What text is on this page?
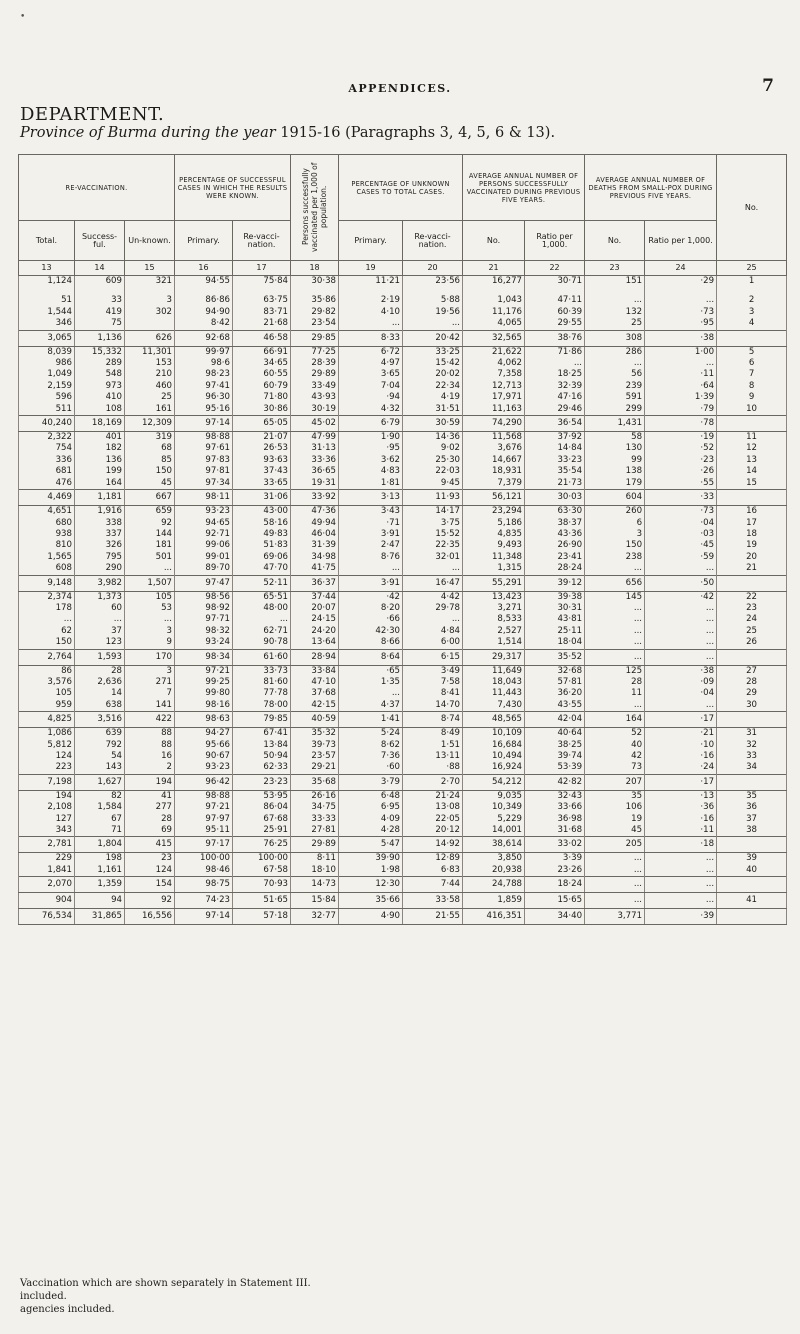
•
APPENDICES.	7
DEPARTMENT.
Province of Burma during the year 1915-16 (Paragraphs 3, 4, 5, 6 & 13).
RE-VACCINATION.			PERCENTAGE OF SUCCESSFUL CASES IN WHICH THE RESULTS WERE KNOWN.		Persons successfully vaccinated per 1,000 of population.	PERCENTAGE OF UNKNOWN CASES TO TOTAL CASES.		AVERAGE ANNUAL NUMBER OF PERSONS SUCCESSFULLY VACCINATED DURING PREVIOUS FIVE YEARS.		AVERAGE ANNUAL NUMBER OF DEATHS FROM SMALL-POX DURING PREVIOUS FIVE YEARS.		No.
Total.	Success-ful.	Un-known.	Primary.	Re-vacci-nation.		Primary.	Re-vacci-nation.	No.	Ratio per 1,000.	No.	Ratio per 1,000.	
13	14	15	16	17	18	19	20	21	22	23	24	25
1,124	609	321	94·55	75·84	30·38	11·21	23·56	16,277	30·71	151	·29	1

51	33	3	86·86	63·75	35·86	2·19	5·88	1,043	47·11	...	...	2
1,544	419	302	94·90	83·71	29·82	4·10	19·56	11,176	60·39	132	·73	3
346	75		8·42	21·68	23·54	...	...	4,065	29·55	25	·95	4
3,065	1,136	626	92·68	46·58	29·85	8·33	20·42	32,565	38·76	308	·38	
8,039	15,332	11,301	99·97	66·91	77·25	6·72	33·25	21,622	71·86	286	1·00	5
986	289	153	98·6	34·65	28·39	4·97	15·42	4,062	...	...	...	6
1,049	548	210	98·23	60·55	29·89	3·65	20·02	7,358	18·25	56	·11	7
2,159	973	460	97·41	60·79	33·49	7·04	22·34	12,713	32·39	239	·64	8
596	410	25	96·30	71·80	43·93	·94	4·19	17,971	47·16	591	1·39	9
511	108	161	95·16	30·86	30·19	4·32	31·51	11,163	29·46	299	·79	10
40,240	18,169	12,309	97·14	65·05	45·02	6·79	30·59	74,290	36·54	1,431	·78	
2,322	401	319	98·88	21·07	47·99	1·90	14·36	11,568	37·92	58	·19	11
754	182	68	97·61	26·53	31·13	·95	9·02	3,676	14·84	130	·52	12
336	136	85	97·83	93·63	33·36	3·62	25·30	14,667	33·23	99	·23	13
681	199	150	97·81	37·43	36·65	4·83	22·03	18,931	35·54	138	·26	14
476	164	45	97·34	33·65	19·31	1·81	9·45	7,379	21·73	179	·55	15
4,469	1,181	667	98·11	31·06	33·92	3·13	11·93	56,121	30·03	604	·33	
4,651	1,916	659	93·23	43·00	47·36	3·43	14·17	23,294	63·30	260	·73	16
680	338	92	94·65	58·16	49·94	·71	3·75	5,186	38·37	6	·04	17
938	337	144	92·71	49·83	46·04	3·91	15·52	4,835	43·36	3	·03	18
810	326	181	99·06	51·83	31·39	2·47	22·35	9,493	26·90	150	·45	19
1,565	795	501	99·01	69·06	34·98	8·76	32·01	11,348	23·41	238	·59	20
608	290	...	89·70	47·70	41·75	...	...	1,315	28·24	...	...	21
9,148	3,982	1,507	97·47	52·11	36·37	3·91	16·47	55,291	39·12	656	·50	
2,374	1,373	105	98·56	65·51	37·44	·42	4·42	13,423	39·38	145	·42	22
178	60	53	98·92	48·00	20·07	8·20	29·78	3,271	30·31	...	...	23
...	...	...	97·71	...	24·15	·66	...	8,533	43·81	...	...	24
62	37	3	98·32	62·71	24·20	42·30	4·84	2,527	25·11	...	...	25
150	123	9	93·24	90·78	13·64	8·66	6·00	1,514	18·04	...	...	26
2,764	1,593	170	98·34	61·60	28·94	8·64	6·15	29,317	35·52	...	...	
86	28	3	97·21	33·73	33·84	·65	3·49	11,649	32·68	125	·38	27
3,576	2,636	271	99·25	81·60	47·10	1·35	7·58	18,043	57·81	28	·09	28
105	14	7	99·80	77·78	37·68	...	8·41	11,443	36·20	11	·04	29
959	638	141	98·16	78·00	42·15	4·37	14·70	7,430	43·55	...	...	30
4,825	3,516	422	98·63	79·85	40·59	1·41	8·74	48,565	42·04	164	·17	
1,086	639	88	94·27	67·41	35·32	5·24	8·49	10,109	40·64	52	·21	31
5,812	792	88	95·66	13·84	39·73	8·62	1·51	16,684	38·25	40	·10	32
124	54	16	90·67	50·94	23·57	7·36	13·11	10,494	39·74	42	·16	33
223	143	2	93·23	62·33	29·21	·60	·88	16,924	53·39	73	·24	34
7,198	1,627	194	96·42	23·23	35·68	3·79	2·70	54,212	42·82	207	·17	
194	82	41	98·88	53·95	26·16	6·48	21·24	9,035	32·43	35	·13	35
2,108	1,584	277	97·21	86·04	34·75	6·95	13·08	10,349	33·66	106	·36	36
127	67	28	97·97	67·68	33·33	4·09	22·05	5,229	36·98	19	·16	37
343	71	69	95·11	25·91	27·81	4·28	20·12	14,001	31·68	45	·11	38
2,781	1,804	415	97·17	76·25	29·89	5·47	14·92	38,614	33·02	205	·18	
229	198	23	100·00	100·00	8·11	39·90	12·89	3,850	3·39	...	...	39
1,841	1,161	124	98·46	67·58	18·10	1·98	6·83	20,938	23·26	...	...	40
2,070	1,359	154	98·75	70·93	14·73	12·30	7·44	24,788	18·24	...	...	
904	94	92	74·23	51·65	15·84	35·66	33·58	1,859	15·65	...	...	41
76,534	31,865	16,556	97·14	57·18	32·77	4·90	21·55	416,351	34·40	3,771	·39	
Vaccination which are shown separately in Statement III.
included.
agencies included.
